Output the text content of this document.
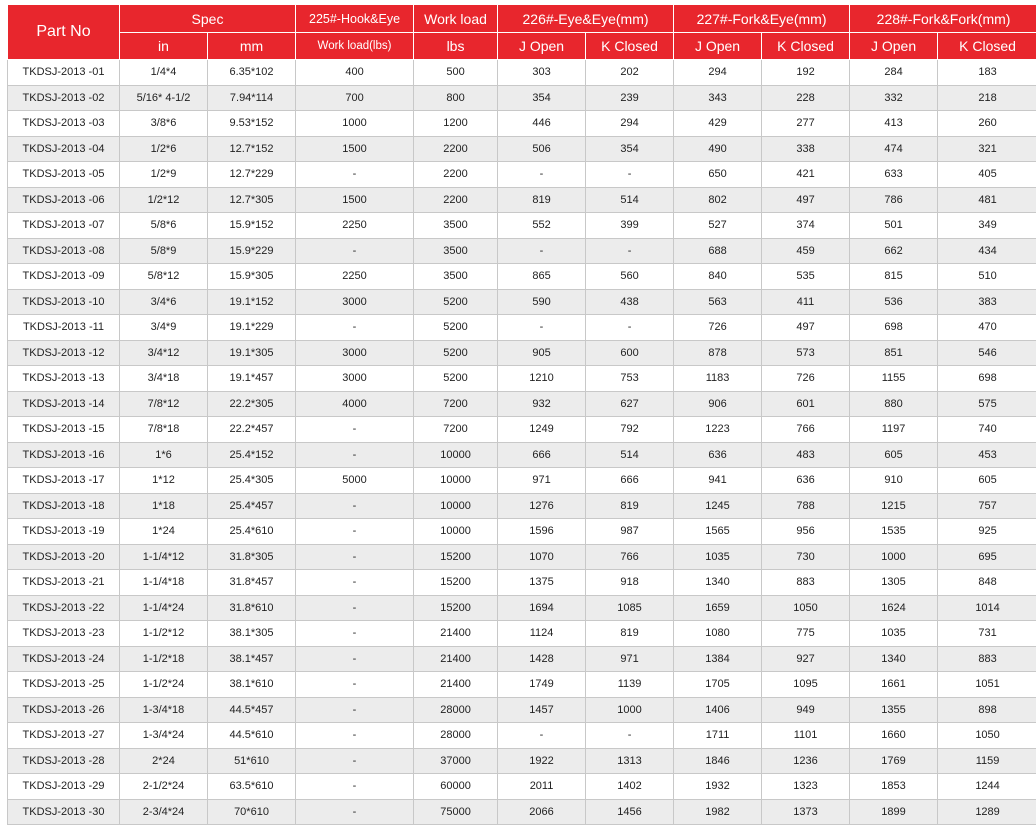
Part No	Spec		225#-Hook&Eye	Work load	226#-Eye&Eye(mm)		227#-Fork&Eye(mm)		228#-Fork&Fork(mm)	
	in	mm	Work load(lbs)	lbs	J Open	K Closed	J Open	K Closed	J Open	K Closed
TKDSJ-2013 -01	1/4*4	6.35*102	400	500	303	202	294	192	284	183
TKDSJ-2013 -02	5/16* 4-1/2	7.94*114	700	800	354	239	343	228	332	218
TKDSJ-2013 -03	3/8*6	9.53*152	1000	1200	446	294	429	277	413	260
TKDSJ-2013 -04	1/2*6	12.7*152	1500	2200	506	354	490	338	474	321
TKDSJ-2013 -05	1/2*9	12.7*229	-	2200	-	-	650	421	633	405
TKDSJ-2013 -06	1/2*12	12.7*305	1500	2200	819	514	802	497	786	481
TKDSJ-2013 -07	5/8*6	15.9*152	2250	3500	552	399	527	374	501	349
TKDSJ-2013 -08	5/8*9	15.9*229	-	3500	-	-	688	459	662	434
TKDSJ-2013 -09	5/8*12	15.9*305	2250	3500	865	560	840	535	815	510
TKDSJ-2013 -10	3/4*6	19.1*152	3000	5200	590	438	563	411	536	383
TKDSJ-2013 -11	3/4*9	19.1*229	-	5200	-	-	726	497	698	470
TKDSJ-2013 -12	3/4*12	19.1*305	3000	5200	905	600	878	573	851	546
TKDSJ-2013 -13	3/4*18	19.1*457	3000	5200	1210	753	1183	726	1155	698
TKDSJ-2013 -14	7/8*12	22.2*305	4000	7200	932	627	906	601	880	575
TKDSJ-2013 -15	7/8*18	22.2*457	-	7200	1249	792	1223	766	1197	740
TKDSJ-2013 -16	1*6	25.4*152	-	10000	666	514	636	483	605	453
TKDSJ-2013 -17	1*12	25.4*305	5000	10000	971	666	941	636	910	605
TKDSJ-2013 -18	1*18	25.4*457	-	10000	1276	819	1245	788	1215	757
TKDSJ-2013 -19	1*24	25.4*610	-	10000	1596	987	1565	956	1535	925
TKDSJ-2013 -20	1-1/4*12	31.8*305	-	15200	1070	766	1035	730	1000	695
TKDSJ-2013 -21	1-1/4*18	31.8*457	-	15200	1375	918	1340	883	1305	848
TKDSJ-2013 -22	1-1/4*24	31.8*610	-	15200	1694	1085	1659	1050	1624	1014
TKDSJ-2013 -23	1-1/2*12	38.1*305	-	21400	1124	819	1080	775	1035	731
TKDSJ-2013 -24	1-1/2*18	38.1*457	-	21400	1428	971	1384	927	1340	883
TKDSJ-2013 -25	1-1/2*24	38.1*610	-	21400	1749	1139	1705	1095	1661	1051
TKDSJ-2013 -26	1-3/4*18	44.5*457	-	28000	1457	1000	1406	949	1355	898
TKDSJ-2013 -27	1-3/4*24	44.5*610	-	28000	-	-	1711	1101	1660	1050
TKDSJ-2013 -28	2*24	51*610	-	37000	1922	1313	1846	1236	1769	1159
TKDSJ-2013 -29	2-1/2*24	63.5*610	-	60000	2011	1402	1932	1323	1853	1244
TKDSJ-2013 -30	2-3/4*24	70*610	-	75000	2066	1456	1982	1373	1899	1289
